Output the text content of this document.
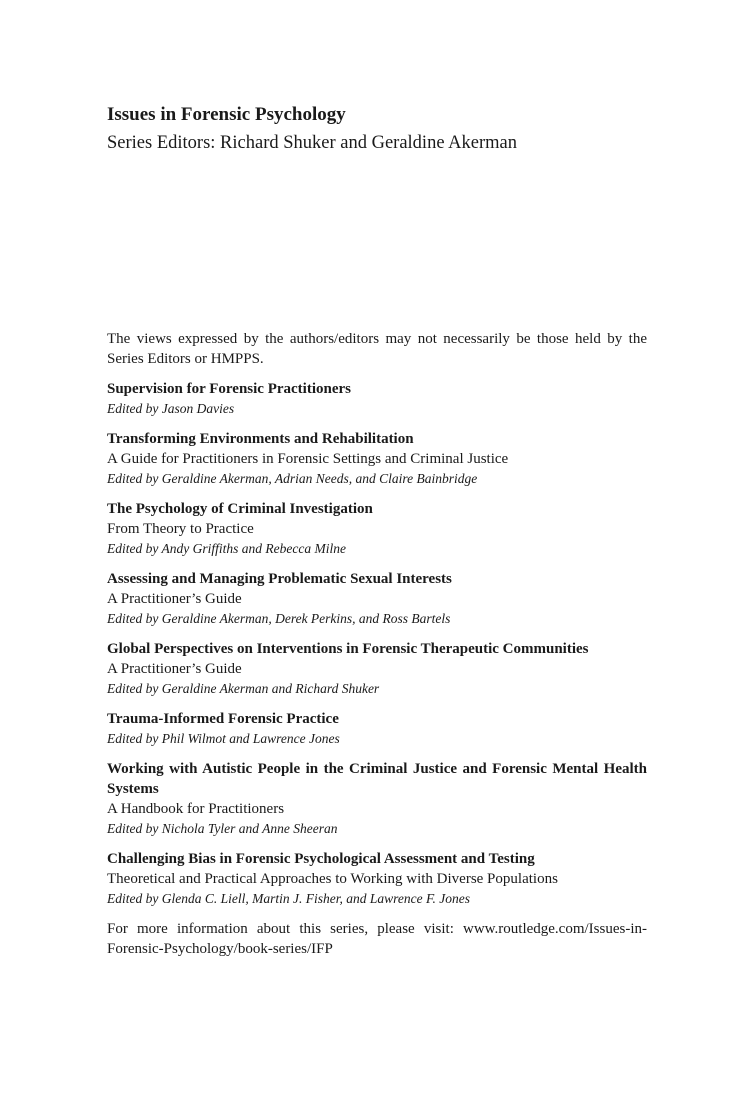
Issues in Forensic Psychology

Series Editors: Richard Shuker and Geraldine Akerman

The views expressed by the authors/editors may not necessarily be those held by the Series Editors or HMPPS.

Supervision for Forensic Practitioners
Edited by Jason Davies
Transforming Environments and Rehabilitation
A Guide for Practitioners in Forensic Settings and Criminal Justice
Edited by Geraldine Akerman, Adrian Needs, and Claire Bainbridge
The Psychology of Criminal Investigation
From Theory to Practice
Edited by Andy Griffiths and Rebecca Milne
Assessing and Managing Problematic Sexual Interests
A Practitioner’s Guide
Edited by Geraldine Akerman, Derek Perkins, and Ross Bartels
Global Perspectives on Interventions in Forensic Therapeutic Communities
A Practitioner’s Guide
Edited by Geraldine Akerman and Richard Shuker
Trauma-Informed Forensic Practice
Edited by Phil Wilmot and Lawrence Jones
Working with Autistic People in the Criminal Justice and Forensic Mental Health Systems
A Handbook for Practitioners
Edited by Nichola Tyler and Anne Sheeran
Challenging Bias in Forensic Psychological Assessment and Testing
Theoretical and Practical Approaches to Working with Diverse Populations
Edited by Glenda C. Liell, Martin J. Fisher, and Lawrence F. Jones

For more information about this series, please visit: www.routledge.com/Issues-in-Forensic-Psychology/book-series/IFP
